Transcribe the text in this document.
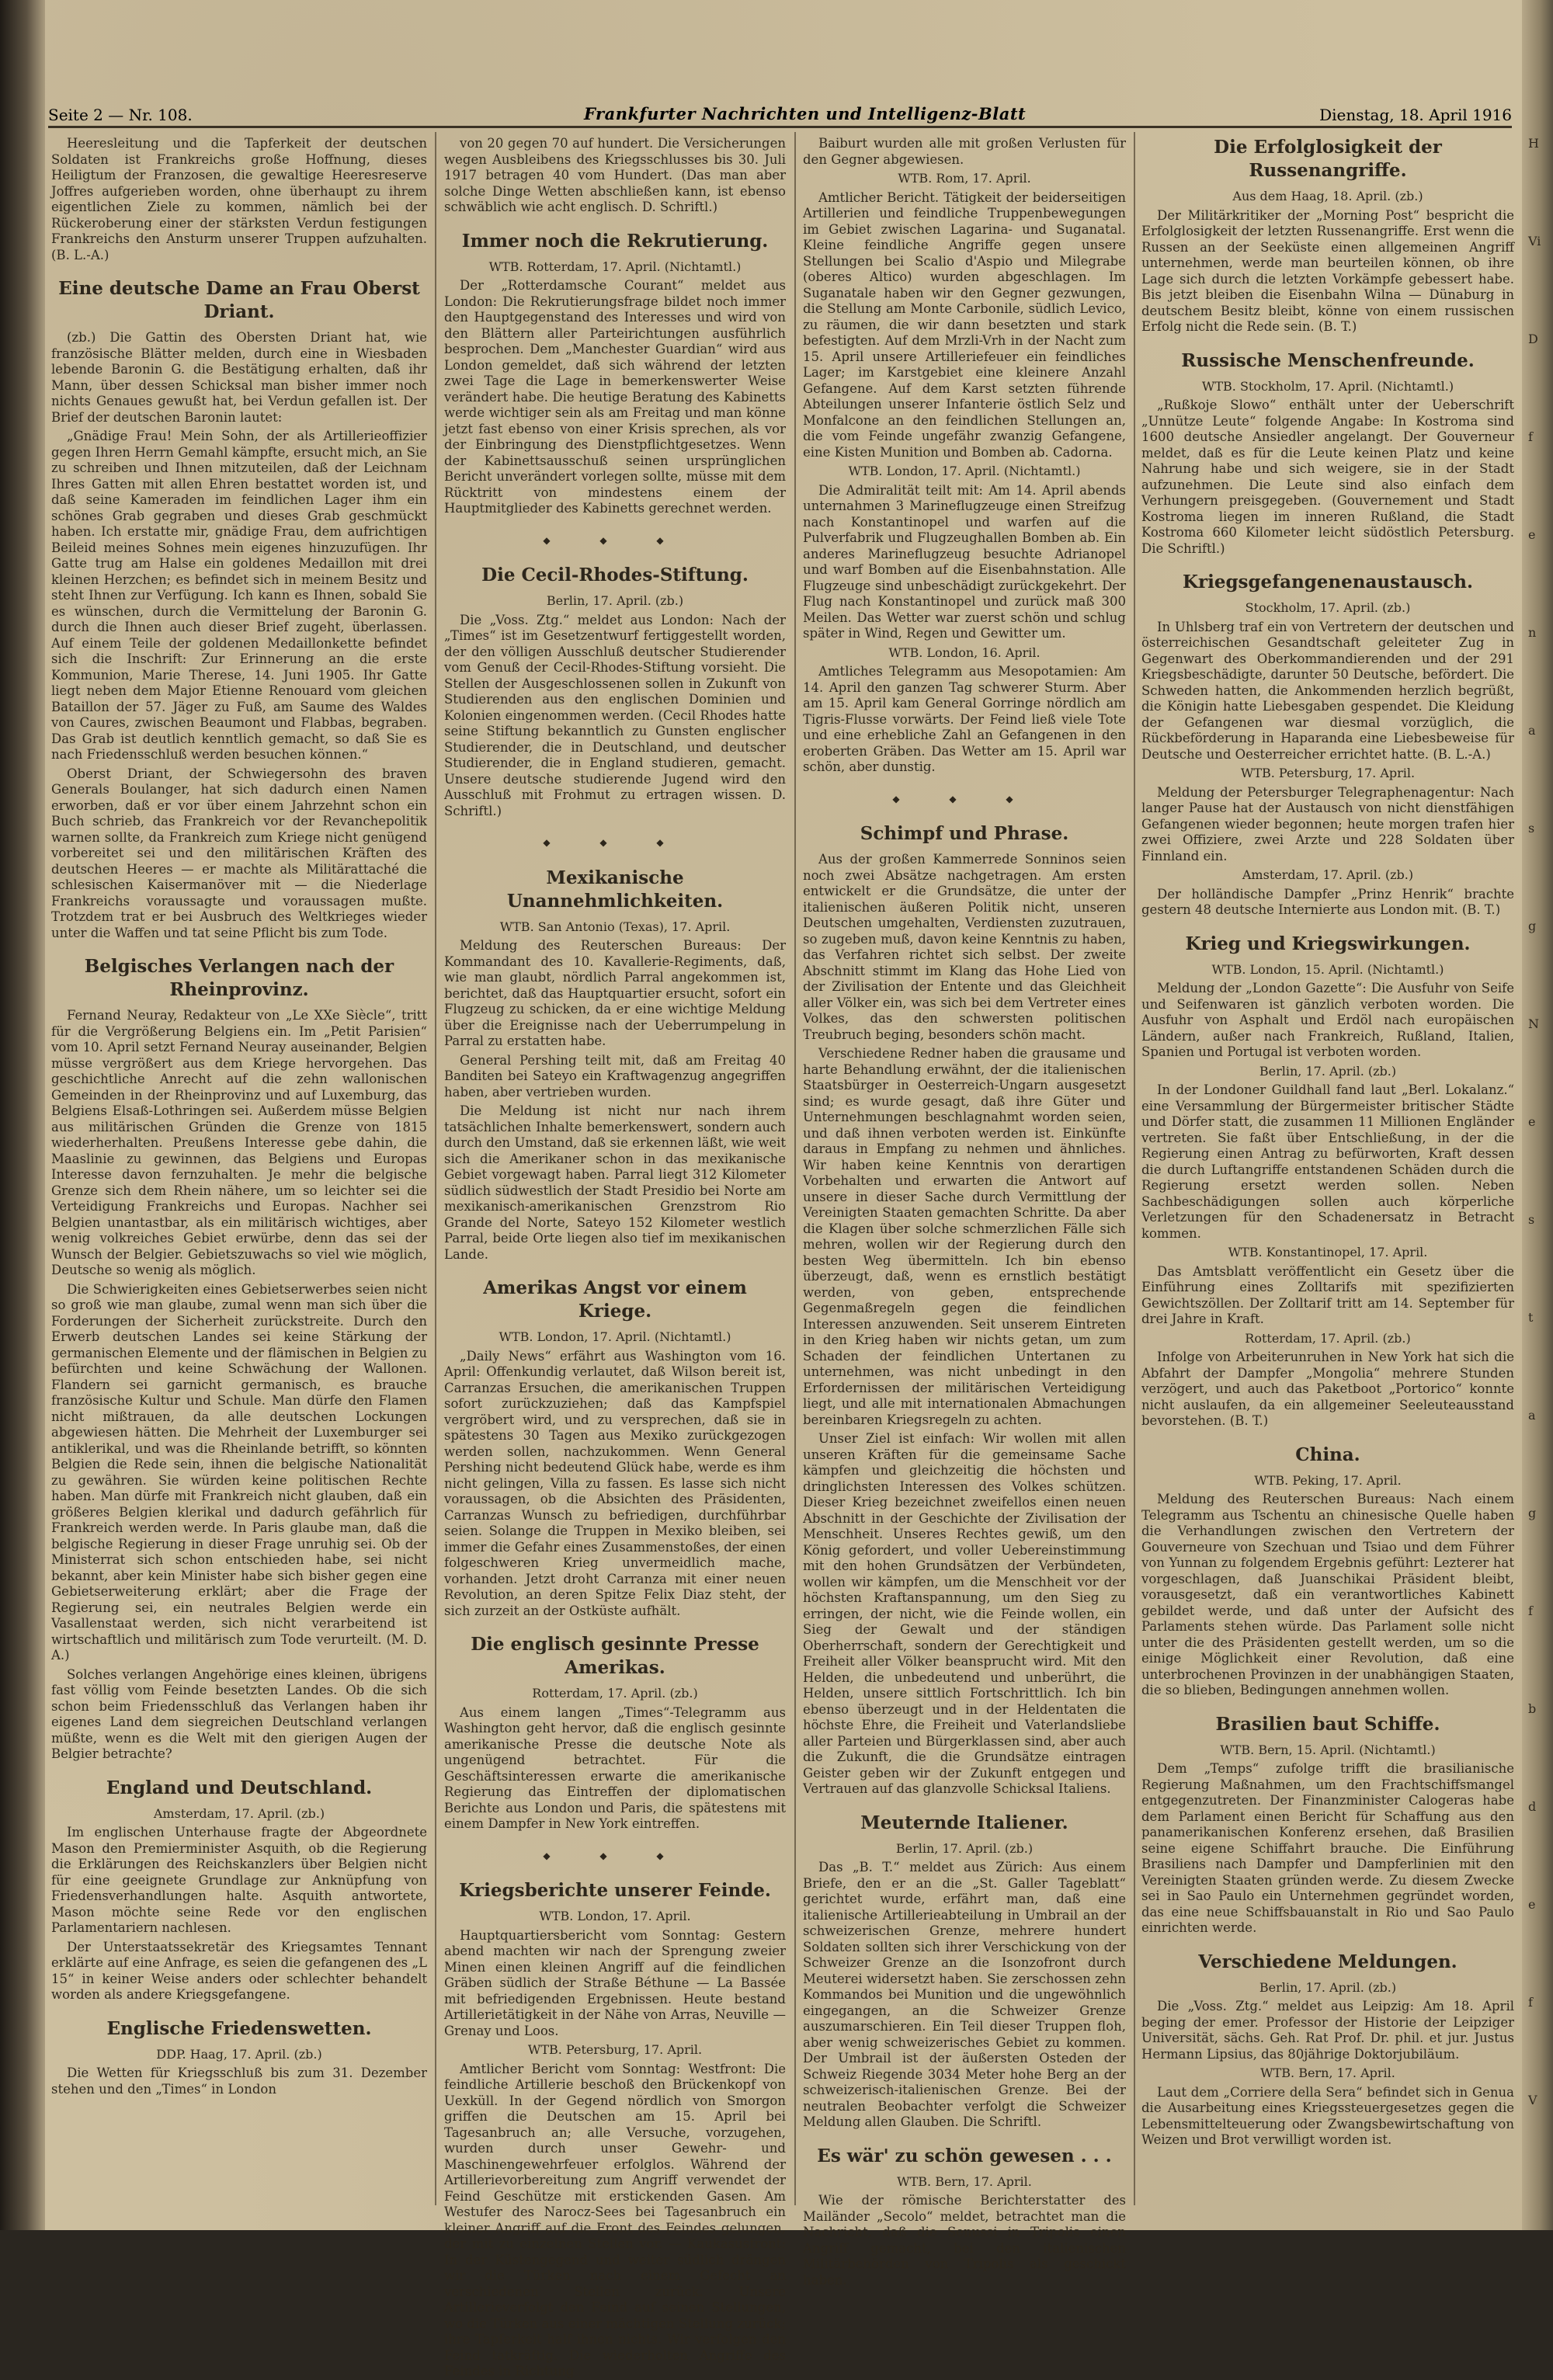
Seite 2 — Nr. 108.	Frankfurter Nachrichten und Intelligenz-Blatt	Dienstag, 18. April 1916

Heeresleitung und die Tapferkeit der deutschen Soldaten ist Frankreichs große Hoffnung, dieses Heiligtum der Franzosen, die gewaltige Heeresreserve Joffres aufgerieben worden, ohne überhaupt zu ihrem eigentlichen Ziele zu kommen, nämlich bei der Rückeroberung einer der stärksten Verdun festigungen Frankreichs den Ansturm unserer Truppen aufzuhalten. (B. L.-A.)

Eine deutsche Dame an Frau Oberst Driant.

(zb.) Die Gattin des Obersten Driant hat, wie französische Blätter melden, durch eine in Wiesbaden lebende Baronin G. die Bestätigung erhalten, daß ihr Mann, über dessen Schicksal man bisher immer noch nichts Genaues gewußt hat, bei Verdun gefallen ist. Der Brief der deutschen Baronin lautet:

„Gnädige Frau! Mein Sohn, der als Artillerieoffizier gegen Ihren Herrn Gemahl kämpfte, ersucht mich, an Sie zu schreiben und Ihnen mitzuteilen, daß der Leichnam Ihres Gatten mit allen Ehren bestattet worden ist, und daß seine Kameraden im feindlichen Lager ihm ein schönes Grab gegraben und dieses Grab geschmückt haben. Ich erstatte mir, gnädige Frau, dem aufrichtigen Beileid meines Sohnes mein eigenes hinzuzufügen. Ihr Gatte trug am Halse ein goldenes Medaillon mit drei kleinen Herzchen; es befindet sich in meinem Besitz und steht Ihnen zur Verfügung. Ich kann es Ihnen, sobald Sie es wünschen, durch die Vermittelung der Baronin G. durch die Ihnen auch dieser Brief zugeht, überlassen. Auf einem Teile der goldenen Medaillonkette befindet sich die Inschrift: Zur Erinnerung an die erste Kommunion, Marie Therese, 14. Juni 1905. Ihr Gatte liegt neben dem Major Etienne Renouard vom gleichen Bataillon der 57. Jäger zu Fuß, am Saume des Waldes von Caures, zwischen Beaumont und Flabbas, begraben. Das Grab ist deutlich kenntlich gemacht, so daß Sie es nach Friedensschluß werden besuchen können.“

Oberst Driant, der Schwiegersohn des braven Generals Boulanger, hat sich dadurch einen Namen erworben, daß er vor über einem Jahrzehnt schon ein Buch schrieb, das Frankreich vor der Revanchepolitik warnen sollte, da Frankreich zum Kriege nicht genügend vorbereitet sei und den militärischen Kräften des deutschen Heeres — er machte als Militärattaché die schlesischen Kaisermanöver mit — die Niederlage Frankreichs voraussagte und voraussagen mußte. Trotzdem trat er bei Ausbruch des Weltkrieges wieder unter die Waffen und tat seine Pflicht bis zum Tode.

Belgisches Verlangen nach der Rheinprovinz.

Fernand Neuray, Redakteur von „Le XXe Siècle“, tritt für die Vergrößerung Belgiens ein. Im „Petit Parisien“ vom 10. April setzt Fernand Neuray auseinander, Belgien müsse vergrößert aus dem Kriege hervorgehen. Das geschichtliche Anrecht auf die zehn wallonischen Gemeinden in der Rheinprovinz und auf Luxemburg, das Belgiens Elsaß-Lothringen sei. Außerdem müsse Belgien aus militärischen Gründen die Grenze von 1815 wiederherhalten. Preußens Interesse gebe dahin, die Maaslinie zu gewinnen, das Belgiens und Europas Interesse davon fernzuhalten. Je mehr die belgische Grenze sich dem Rhein nähere, um so leichter sei die Verteidigung Frankreichs und Europas. Nachher sei Belgien unantastbar, als ein militärisch wichtiges, aber wenig volkreiches Gebiet erwürbe, denn das sei der Wunsch der Belgier. Gebietszuwachs so viel wie möglich, Deutsche so wenig als möglich.

Die Schwierigkeiten eines Gebietserwerbes seien nicht so groß wie man glaube, zumal wenn man sich über die Forderungen der Sicherheit zurückstreite. Durch den Erwerb deutschen Landes sei keine Stärkung der germanischen Elemente und der flämischen in Belgien zu befürchten und keine Schwächung der Wallonen. Flandern sei garnicht germanisch, es brauche französische Kultur und Schule. Man dürfe den Flamen nicht mißtrauen, da alle deutschen Lockungen abgewiesen hätten. Die Mehrheit der Luxemburger sei antiklerikal, und was die Rheinlande betrifft, so könnten Belgien die Rede sein, ihnen die belgische Nationalität zu gewähren. Sie würden keine politischen Rechte haben. Man dürfe mit Frankreich nicht glauben, daß ein größeres Belgien klerikal und dadurch gefährlich für Frankreich werden werde. In Paris glaube man, daß die belgische Regierung in dieser Frage unruhig sei. Ob der Ministerrat sich schon entschieden habe, sei nicht bekannt, aber kein Minister habe sich bisher gegen eine Gebietserweiterung erklärt; aber die Frage der Regierung sei, ein neutrales Belgien werde ein Vasallenstaat werden, sich nicht verarbeitend ist wirtschaftlich und militärisch zum Tode verurteilt. (M. D. A.)

Solches verlangen Angehörige eines kleinen, übrigens fast völlig vom Feinde besetzten Landes. Ob die sich schon beim Friedensschluß das Verlangen haben ihr eigenes Land dem siegreichen Deutschland verlangen müßte, wenn es die Welt mit den gierigen Augen der Belgier betrachte?

England und Deutschland.
Amsterdam, 17. April. (zb.)

Im englischen Unterhause fragte der Abgeordnete Mason den Premierminister Asquith, ob die Regierung die Erklärungen des Reichskanzlers über Belgien nicht für eine geeignete Grundlage zur Anknüpfung von Friedensverhandlungen halte. Asquith antwortete, Mason möchte seine Rede vor den englischen Parlamentariern nachlesen.

Der Unterstaatssekretär des Kriegsamtes Tennant erklärte auf eine Anfrage, es seien die gefangenen des „L 15“ in keiner Weise anders oder schlechter behandelt worden als andere Kriegsgefangene.

Englische Friedenswetten.
DDP. Haag, 17. April. (zb.)

Die Wetten für Kriegsschluß bis zum 31. Dezember stehen und den „Times“ in London

von 20 gegen 70 auf hundert. Die Versicherungen wegen Ausbleibens des Kriegsschlusses bis 30. Juli 1917 betragen 40 vom Hundert. (Das man aber solche Dinge Wetten abschließen kann, ist ebenso schwäblich wie acht englisch. D. Schriftl.)

Immer noch die Rekrutierung.
WTB. Rotterdam, 17. April. (Nichtamtl.)

Der „Rotterdamsche Courant“ meldet aus London: Die Rekrutierungsfrage bildet noch immer den Hauptgegenstand des Interesses und wird von den Blättern aller Parteirichtungen ausführlich besprochen. Dem „Manchester Guardian“ wird aus London gemeldet, daß sich während der letzten zwei Tage die Lage in bemerkenswerter Weise verändert habe. Die heutige Beratung des Kabinetts werde wichtiger sein als am Freitag und man könne jetzt fast ebenso von einer Krisis sprechen, als vor der Einbringung des Dienstpflichtgesetzes. Wenn der Kabinettsausschuß seinen ursprünglichen Bericht unverändert vorlegen sollte, müsse mit dem Rücktritt von mindestens einem der Hauptmitglieder des Kabinetts gerechnet werden.

◆ ◆ ◆
Die Cecil-Rhodes-Stiftung.
Berlin, 17. April. (zb.)

Die „Voss. Ztg.“ meldet aus London: Nach der „Times“ ist im Gesetzentwurf fertiggestellt worden, der den völligen Ausschluß deutscher Studierender vom Genuß der Cecil-Rhodes-Stiftung vorsieht. Die Stellen der Ausgeschlossenen sollen in Zukunft von Studierenden aus den englischen Dominien und Kolonien eingenommen werden. (Cecil Rhodes hatte seine Stiftung bekanntlich zu Gunsten englischer Studierender, die in Deutschland, und deutscher Studierender, die in England studieren, gemacht. Unsere deutsche studierende Jugend wird den Ausschluß mit Frohmut zu ertragen wissen. D. Schriftl.)

◆ ◆ ◆
Mexikanische Unannehmlichkeiten.
WTB. San Antonio (Texas), 17. April.

Meldung des Reuterschen Bureaus: Der Kommandant des 10. Kavallerie-Regiments, daß, wie man glaubt, nördlich Parral angekommen ist, berichtet, daß das Hauptquartier ersucht, sofort ein Flugzeug zu schicken, da er eine wichtige Meldung über die Ereignisse nach der Ueberrumpelung in Parral zu erstatten habe.

General Pershing teilt mit, daß am Freitag 40 Banditen bei Sateyo ein Kraftwagenzug angegriffen haben, aber vertrieben wurden.

Die Meldung ist nicht nur nach ihrem tatsächlichen Inhalte bemerkenswert, sondern auch durch den Umstand, daß sie erkennen läßt, wie weit sich die Amerikaner schon in das mexikanische Gebiet vorgewagt haben. Parral liegt 312 Kilometer südlich südwestlich der Stadt Presidio bei Norte am mexikanisch-amerikanischen Grenzstrom Rio Grande del Norte, Sateyo 152 Kilometer westlich Parral, beide Orte liegen also tief im mexikanischen Lande.

Amerikas Angst vor einem Kriege.
WTB. London, 17. April. (Nichtamtl.)

„Daily News“ erfährt aus Washington vom 16. April: Offenkundig verlautet, daß Wilson bereit ist, Carranzas Ersuchen, die amerikanischen Truppen sofort zurückzuziehen; daß das Kampfspiel vergröbert wird, und zu versprechen, daß sie in spätestens 30 Tagen aus Mexiko zurückgezogen werden sollen, nachzukommen. Wenn General Pershing nicht bedeutend Glück habe, werde es ihm nicht gelingen, Villa zu fassen. Es lasse sich nicht voraussagen, ob die Absichten des Präsidenten, Carranzas Wunsch zu befriedigen, durchführbar seien. Solange die Truppen in Mexiko bleiben, sei immer die Gefahr eines Zusammenstoßes, der einen folgeschweren Krieg unvermeidlich mache, vorhanden. Jetzt droht Carranza mit einer neuen Revolution, an deren Spitze Felix Diaz steht, der sich zurzeit an der Ostküste aufhält.

Die englisch gesinnte Presse Amerikas.
Rotterdam, 17. April. (zb.)

Aus einem langen „Times“-Telegramm aus Washington geht hervor, daß die englisch gesinnte amerikanische Presse die deutsche Note als ungenügend betrachtet. Für die Geschäftsinteressen erwarte die amerikanische Regierung das Eintreffen der diplomatischen Berichte aus London und Paris, die spätestens mit einem Dampfer in New York eintreffen.

◆ ◆ ◆
Kriegsberichte unserer Feinde.
WTB. London, 17. April.

Hauptquartiersbericht vom Sonntag: Gestern abend machten wir nach der Sprengung zweier Minen einen kleinen Angriff auf die feindlichen Gräben südlich der Straße Béthune — La Bassée mit befriedigenden Ergebnissen. Heute bestand Artillerietätigkeit in der Nähe von Arras, Neuville — Grenay und Loos.

WTB. Petersburg, 17. April.

Amtlicher Bericht vom Sonntag: Westfront: Die feindliche Artillerie beschoß den Brückenkopf von Uexküll. In der Gegend nördlich von Smorgon griffen die Deutschen am 15. April bei Tagesanbruch an; alle Versuche, vorzugehen, wurden durch unser Gewehr- und Maschinengewehrfeuer erfolglos. Während der Artillerievorbereitung zum Angriff verwendet der Feind Geschütze mit erstickenden Gasen. Am Westufer des Narocz-Sees bei Tagesanbruch ein kleiner Angriff auf die Front des Feindes gelungen, der mit zu einzelnen Stellen vor. — Kaukasusfront: In der Küstengegend und weiter südlich drängen wir die Türken nach einem Gefecht an verschiedenen Stellen zurück. Unsere Artillerieverfolgt den Feind auf seinen Stellungen, wo die Türken aus einer mächtigen Stellung zurück; ihre Tapferkeit half ihnen nichts. Wir verfolgen den Feind tatkräftig. Die wiederholten Angriffe des Feindes in Richtung

Baiburt wurden alle mit großen Verlusten für den Gegner abgewiesen.

WTB. Rom, 17. April.

Amtlicher Bericht. Tätigkeit der beiderseitigen Artillerien und feindliche Truppenbewegungen im Gebiet zwischen Lagarina- und Suganatal. Kleine feindliche Angriffe gegen unsere Stellungen bei Scalio d'Aspio und Milegrabe (oberes Altico) wurden abgeschlagen. Im Suganatale haben wir den Gegner gezwungen, die Stellung am Monte Carbonile, südlich Levico, zu räumen, die wir dann besetzten und stark befestigten. Auf dem Mrzli-Vrh in der Nacht zum 15. April unsere Artilleriefeuer ein feindliches Lager; im Karstgebiet eine kleinere Anzahl Gefangene. Auf dem Karst setzten führende Abteilungen unserer Infanterie östlich Selz und Monfalcone an den feindlichen Stellungen an, die vom Feinde ungefähr zwanzig Gefangene, eine Kisten Munition und Bomben ab. Cadorna.

WTB. London, 17. April. (Nichtamtl.)

Die Admiralität teilt mit: Am 14. April abends unternahmen 3 Marineflugzeuge einen Streifzug nach Konstantinopel und warfen auf die Pulverfabrik und Flugzeughallen Bomben ab. Ein anderes Marineflugzeug besuchte Adrianopel und warf Bomben auf die Eisenbahnstation. Alle Flugzeuge sind unbeschädigt zurückgekehrt. Der Flug nach Konstantinopel und zurück maß 300 Meilen. Das Wetter war zuerst schön und schlug später in Wind, Regen und Gewitter um.

WTB. London, 16. April.

Amtliches Telegramm aus Mesopotamien: Am 14. April den ganzen Tag schwerer Sturm. Aber am 15. April kam General Gorringe nördlich am Tigris-Flusse vorwärts. Der Feind ließ viele Tote und eine erhebliche Zahl an Gefangenen in den eroberten Gräben. Das Wetter am 15. April war schön, aber dunstig.

◆ ◆ ◆
Schimpf und Phrase.

Aus der großen Kammerrede Sonninos seien noch zwei Absätze nachgetragen. Am ersten entwickelt er die Grundsätze, die unter der italienischen äußeren Politik nicht, unseren Deutschen umgehalten, Verdiensten zuzutrauen, so zugeben muß, davon keine Kenntnis zu haben, das Verfahren richtet sich selbst. Der zweite Abschnitt stimmt im Klang das Hohe Lied von der Zivilisation der Entente und das Gleichheit aller Völker ein, was sich bei dem Vertreter eines Volkes, das den schwersten politischen Treubruch beging, besonders schön macht.

Verschiedene Redner haben die grausame und harte Behandlung erwähnt, der die italienischen Staatsbürger in Oesterreich-Ungarn ausgesetzt sind; es wurde gesagt, daß ihre Güter und Unternehmungen beschlagnahmt worden seien, und daß ihnen verboten werden ist. Einkünfte daraus in Empfang zu nehmen und ähnliches. Wir haben keine Kenntnis von derartigen Vorbehalten und erwarten die Antwort auf unsere in dieser Sache durch Vermittlung der Vereinigten Staaten gemachten Schritte. Da aber die Klagen über solche schmerzlichen Fälle sich mehren, wollen wir der Regierung durch den besten Weg übermitteln. Ich bin ebenso überzeugt, daß, wenn es ernstlich bestätigt werden, von geben, entsprechende Gegenmaßregeln gegen die feindlichen Interessen anzuwenden. Seit unserem Eintreten in den Krieg haben wir nichts getan, um zum Schaden der feindlichen Untertanen zu unternehmen, was nicht unbedingt in den Erfordernissen der militärischen Verteidigung liegt, und alle mit internationalen Abmachungen bereinbaren Kriegsregeln zu achten.

Unser Ziel ist einfach: Wir wollen mit allen unseren Kräften für die gemeinsame Sache kämpfen und gleichzeitig die höchsten und dringlichsten Interessen des Volkes schützen. Dieser Krieg bezeichnet zweifellos einen neuen Abschnitt in der Geschichte der Zivilisation der Menschheit. Unseres Rechtes gewiß, um den König gefordert, und voller Uebereinstimmung mit den hohen Grundsätzen der Verbündeten, wollen wir kämpfen, um die Menschheit vor der höchsten Kraftanspannung, um den Sieg zu erringen, der nicht, wie die Feinde wollen, ein Sieg der Gewalt und der ständigen Oberherrschaft, sondern der Gerechtigkeit und Freiheit aller Völker beansprucht wird. Mit den Helden, die unbedeutend und unberührt, die Helden, unsere sittlich Fortschrittlich. Ich bin ebenso überzeugt und in der Heldentaten die höchste Ehre, die Freiheit und Vaterlandsliebe aller Parteien und Bürgerklassen sind, aber auch die Zukunft, die die Grundsätze eintragen Geister geben wir der Zukunft entgegen und Vertrauen auf das glanzvolle Schicksal Italiens.

Meuternde Italiener.
Berlin, 17. April. (zb.)

Das „B. T.“ meldet aus Zürich: Aus einem Briefe, den er an die „St. Galler Tageblatt“ gerichtet wurde, erfährt man, daß eine italienische Artillerieabteilung in Umbrail an der schweizerischen Grenze, mehrere hundert Soldaten sollten sich ihrer Verschickung von der Schweizer Grenze an die Isonzofront durch Meuterei widersetzt haben. Sie zerschossen zehn Kommandos bei Munition und die ungewöhnlich eingegangen, an die Schweizer Grenze auszumarschieren. Ein Teil dieser Truppen floh, aber wenig schweizerisches Gebiet zu kommen. Der Umbrail ist der äußersten Osteden der Schweiz Riegende 3034 Meter hohe Berg an der schweizerisch-italienischen Grenze. Bei der neutralen Beobachter verfolgt die Schweizer Meldung allen Glauben. Die Schriftl.

Es wär' zu schön gewesen . . .
WTB. Bern, 17. April.

Wie der römische Berichterstatter des Mailänder „Secolo“ meldet, betrachtet man die Nachricht, daß die Senussi in Tripolis einen Angriff gemacht, bei den italienischen Militärbehörden von Tripolis als geschickt haben.

Die Erfolglosigkeit der Russenangriffe.
Aus dem Haag, 18. April. (zb.)

Der Militärkritiker der „Morning Post“ bespricht die Erfolglosigkeit der letzten Russenangriffe. Erst wenn die Russen an der Seeküste einen allgemeinen Angriff unternehmen, werde man beurteilen können, ob ihre Lage sich durch die letzten Vorkämpfe gebessert habe. Bis jetzt bleiben die Eisenbahn Wilna — Dünaburg in deutschem Besitz bleibt, könne von einem russischen Erfolg nicht die Rede sein. (B. T.)

Russische Menschenfreunde.
WTB. Stockholm, 17. April. (Nichtamtl.)

„Rußkoje Slowo“ enthält unter der Ueberschrift „Unnütze Leute“ folgende Angabe: In Kostroma sind 1600 deutsche Ansiedler angelangt. Der Gouverneur meldet, daß es für die Leute keinen Platz und keine Nahrung habe und sich weigere, sie in der Stadt aufzunehmen. Die Leute sind also einfach dem Verhungern preisgegeben. (Gouvernement und Stadt Kostroma liegen im inneren Rußland, die Stadt Kostroma 660 Kilometer leicht südöstlich Petersburg. Die Schriftl.)

Kriegsgefangenenaustausch.
Stockholm, 17. April. (zb.)

In Uhlsberg traf ein von Vertretern der deutschen und österreichischen Gesandtschaft geleiteter Zug in Gegenwart des Oberkommandierenden und der 291 Kriegsbeschädigte, darunter 50 Deutsche, befördert. Die Schweden hatten, die Ankommenden herzlich begrüßt, die Königin hatte Liebesgaben gespendet. Die Kleidung der Gefangenen war diesmal vorzüglich, die Rückbeförderung in Haparanda eine Liebesbeweise für Deutsche und Oesterreicher errichtet hatte. (B. L.-A.)

WTB. Petersburg, 17. April.

Meldung der Petersburger Telegraphenagentur: Nach langer Pause hat der Austausch von nicht dienstfähigen Gefangenen wieder begonnen; heute morgen trafen hier zwei Offiziere, zwei Arzte und 228 Soldaten über Finnland ein.

Amsterdam, 17. April. (zb.)

Der holländische Dampfer „Prinz Henrik“ brachte gestern 48 deutsche Internierte aus London mit. (B. T.)

Krieg und Kriegswirkungen.
WTB. London, 15. April. (Nichtamtl.)

Meldung der „London Gazette“: Die Ausfuhr von Seife und Seifenwaren ist gänzlich verboten worden. Die Ausfuhr von Asphalt und Erdöl nach europäischen Ländern, außer nach Frankreich, Rußland, Italien, Spanien und Portugal ist verboten worden.

Berlin, 17. April. (zb.)

In der Londoner Guildhall fand laut „Berl. Lokalanz.“ eine Versammlung der Bürgermeister britischer Städte und Dörfer statt, die zusammen 11 Millionen Engländer vertreten. Sie faßt über Entschließung, in der die Regierung einen Antrag zu befürworten, Kraft dessen die durch Luftangriffe entstandenen Schäden durch die Regierung ersetzt werden sollen. Neben Sachbeschädigungen sollen auch körperliche Verletzungen für den Schadenersatz in Betracht kommen.

WTB. Konstantinopel, 17. April.

Das Amtsblatt veröffentlicht ein Gesetz über die Einführung eines Zolltarifs mit spezifizierten Gewichtszöllen. Der Zolltarif tritt am 14. September für drei Jahre in Kraft.

Rotterdam, 17. April. (zb.)

Infolge von Arbeiterunruhen in New York hat sich die Abfahrt der Dampfer „Mongolia“ mehrere Stunden verzögert, und auch das Paketboot „Portorico“ konnte nicht auslaufen, da ein allgemeiner Seeleuteausstand bevorstehen. (B. T.)

China.
WTB. Peking, 17. April.

Meldung des Reuterschen Bureaus: Nach einem Telegramm aus Tschentu an chinesische Quelle haben die Verhandlungen zwischen den Vertretern der Gouverneure von Szechuan und Tsiao und dem Führer von Yunnan zu folgendem Ergebnis geführt: Lezterer hat vorgeschlagen, daß Juanschikai Präsident bleibt, vorausgesetzt, daß ein verantwortliches Kabinett gebildet werde, und daß unter der Aufsicht des Parlaments stehen würde. Das Parlament solle nicht unter die des Präsidenten gestellt werden, um so die einige Möglichkeit einer Revolution, daß eine unterbrochenen Provinzen in der unabhängigen Staaten, die so blieben, Bedingungen annehmen wollen.

Brasilien baut Schiffe.
WTB. Bern, 15. April. (Nichtamtl.)

Dem „Temps“ zufolge trifft die brasilianische Regierung Maßnahmen, um den Frachtschiffsmangel entgegenzutreten. Der Finanzminister Calogeras habe dem Parlament einen Bericht für Schaffung aus den panamerikanischen Konferenz ersehen, daß Brasilien seine eigene Schiffahrt brauche. Die Einführung Brasiliens nach Dampfer und Dampferlinien mit den Vereinigten Staaten gründen werde. Zu diesem Zwecke sei in Sao Paulo ein Unternehmen gegründet worden, das eine neue Schiffsbauanstalt in Rio und Sao Paulo einrichten werde.

Verschiedene Meldungen.
Berlin, 17. April. (zb.)

Die „Voss. Ztg.“ meldet aus Leipzig: Am 18. April beging der emer. Professor der Historie der Leipziger Universität, sächs. Geh. Rat Prof. Dr. phil. et jur. Justus Hermann Lipsius, das 80jährige Doktorjubiläum.

WTB. Bern, 17. April.

Laut dem „Corriere della Sera“ befindet sich in Genua die Ausarbeitung eines Kriegssteuergesetzes gegen die Lebensmittelteuerung oder Zwangsbewirtschaftung von Weizen und Brot verwilligt worden ist.

H
Vi
D
f
e
n
a
s
g
N
e
s
t
a
g
f
b
d
e
f
V
